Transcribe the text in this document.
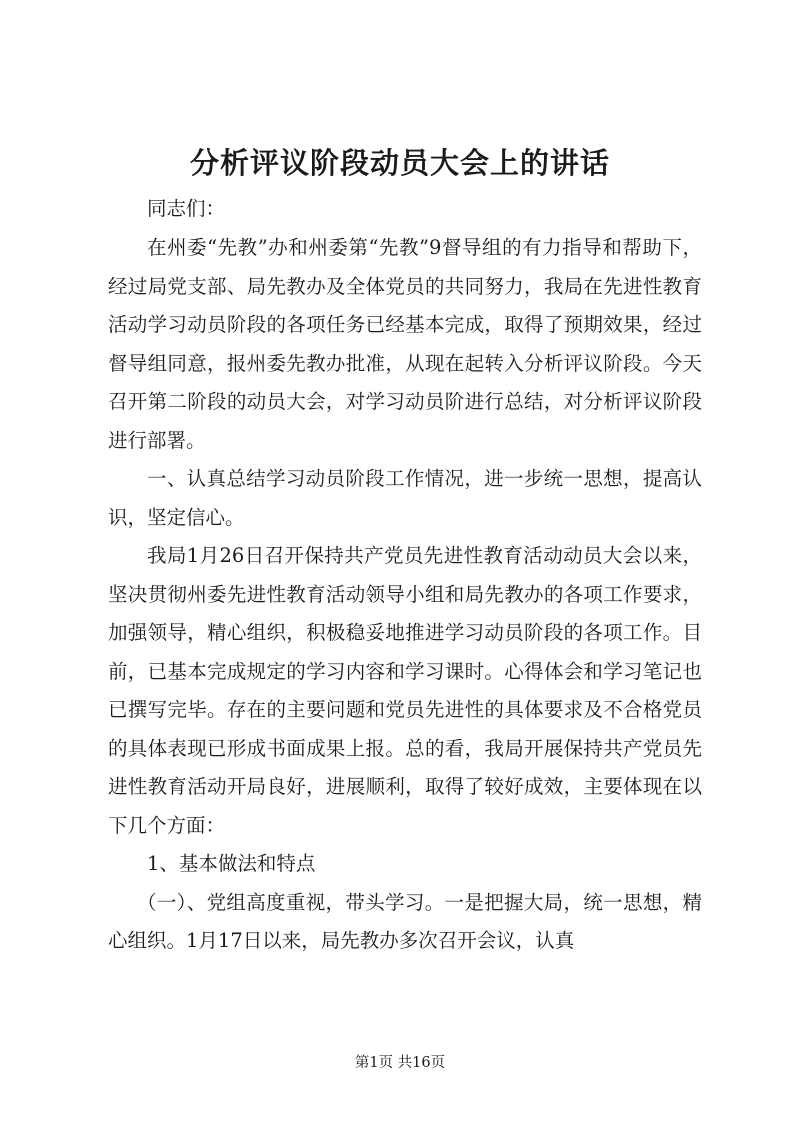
分析评议阶段动员大会上的讲话
同志们：
在州委“先教”办和州委第“先教”9督导组的有力指导和帮助下，经过局党支部、局先教办及全体党员的共同努力，我局在先进性教育活动学习动员阶段的各项任务已经基本完成，取得了预期效果，经过督导组同意，报州委先教办批准，从现在起转入分析评议阶段。今天召开第二阶段的动员大会，对学习动员阶进行总结，对分析评议阶段进行部署。
一、认真总结学习动员阶段工作情况，进一步统一思想，提高认识，坚定信心。
我局1月26日召开保持共产党员先进性教育活动动员大会以来，坚决贯彻州委先进性教育活动领导小组和局先教办的各项工作要求，加强领导，精心组织，积极稳妥地推进学习动员阶段的各项工作。目前，已基本完成规定的学习内容和学习课时。心得体会和学习笔记也已撰写完毕。存在的主要问题和党员先进性的具体要求及不合格党员的具体表现已形成书面成果上报。总的看，我局开展保持共产党员先进性教育活动开局良好，进展顺利，取得了较好成效，主要体现在以下几个方面：
1、基本做法和特点
（一）、党组高度重视，带头学习。一是把握大局，统一思想，精心组织。1月17日以来，局先教办多次召开会议，认真
第1页 共16页
